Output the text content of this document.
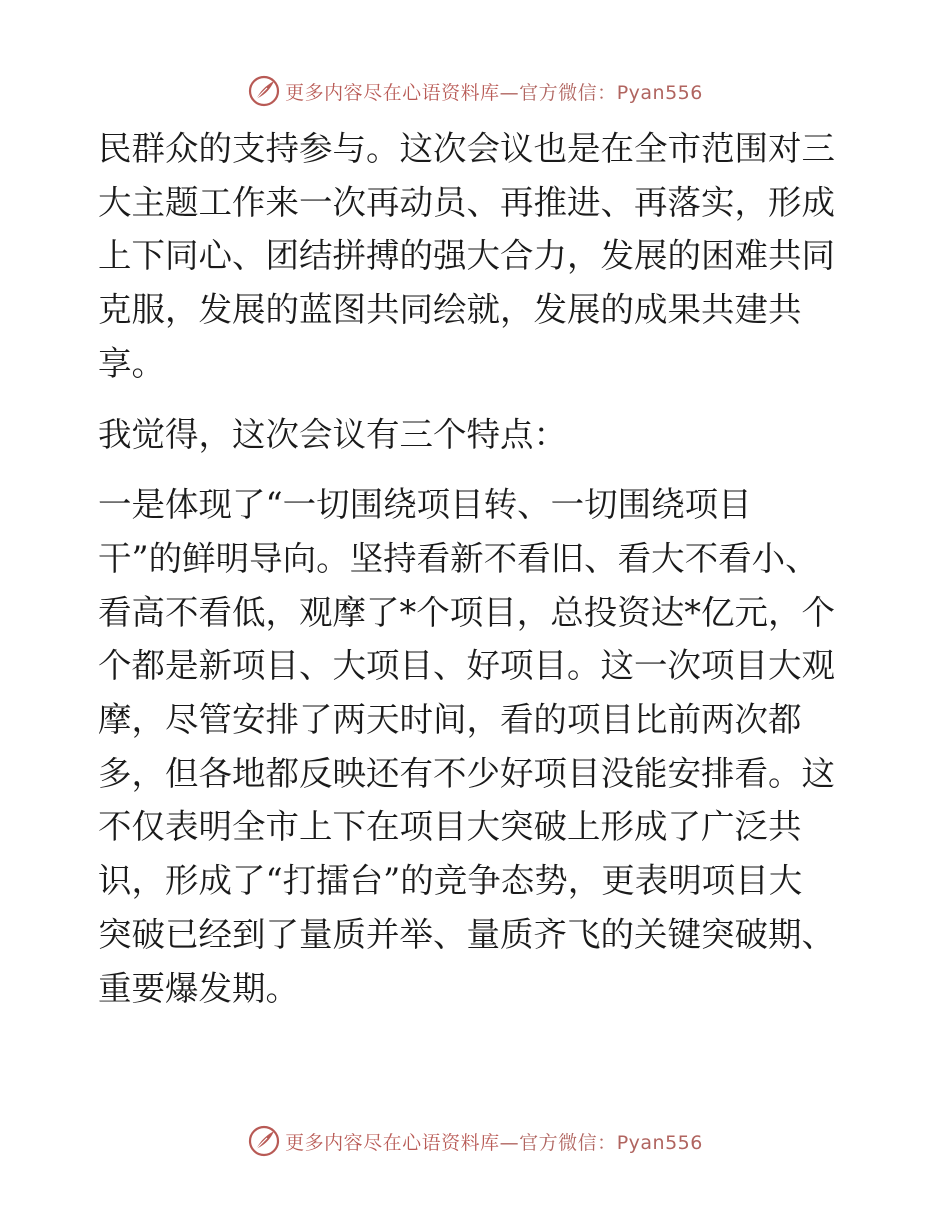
更多内容尽在心语资料库—官方微信：Pyan556

民群众的支持参与。这次会议也是在全市范围对三
大主题工作来一次再动员、再推进、再落实，形成
上下同心、团结拼搏的强大合力，发展的困难共同
克服，发展的蓝图共同绘就，发展的成果共建共
享。

我觉得，这次会议有三个特点：

一是体现了“一切围绕项目转、一切围绕项目
干”的鲜明导向。坚持看新不看旧、看大不看小、
看高不看低，观摩了*个项目，总投资达*亿元，个
个都是新项目、大项目、好项目。这一次项目大观
摩，尽管安排了两天时间，看的项目比前两次都
多，但各地都反映还有不少好项目没能安排看。这
不仅表明全市上下在项目大突破上形成了广泛共
识，形成了“打擂台”的竞争态势，更表明项目大
突破已经到了量质并举、量质齐飞的关键突破期、
重要爆发期。

更多内容尽在心语资料库—官方微信：Pyan556
